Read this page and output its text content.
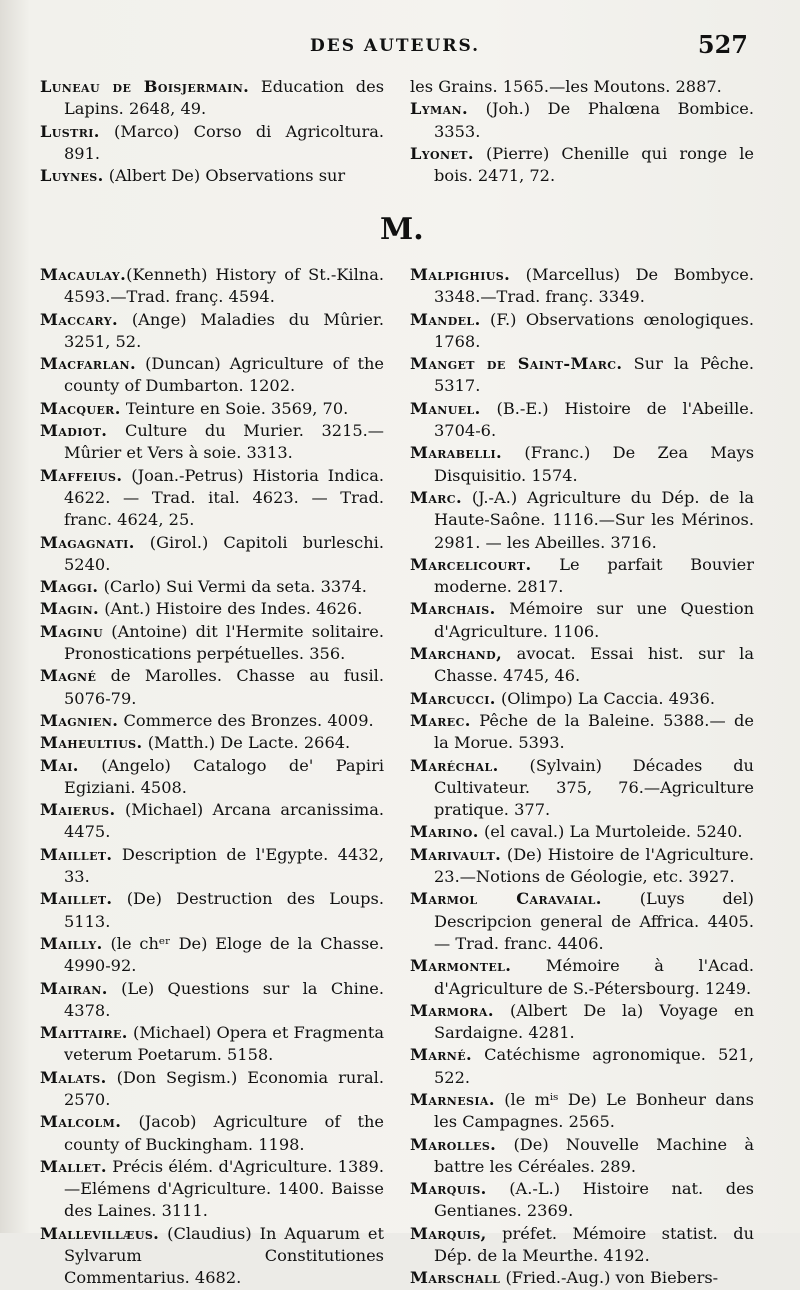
DES AUTEURS.	527

Luneau de Boisjermain. Education des Lapins. 2648, 49.

Lustri. (Marco) Corso di Agricoltura. 891.

Luynes. (Albert De) Observations sur

les Grains. 1565.—les Moutons. 2887.

Lyman. (Joh.) De Phalœna Bombice. 3353.

Lyonet. (Pierre) Chenille qui ronge le bois. 2471, 72.

M.

Macaulay.(Kenneth) History of St.-Kilna. 4593.—Trad. franç. 4594.

Maccary. (Ange) Maladies du Mûrier. 3251, 52.

Macfarlan. (Duncan) Agriculture of the county of Dumbarton. 1202.

Macquer. Teinture en Soie. 3569, 70.

Madiot. Culture du Murier. 3215.— Mûrier et Vers à soie. 3313.

Maffeius. (Joan.-Petrus) Historia Indica. 4622. — Trad. ital. 4623. — Trad. franc. 4624, 25.

Magagnati. (Girol.) Capitoli burleschi. 5240.

Maggi. (Carlo) Sui Vermi da seta. 3374.

Magin. (Ant.) Histoire des Indes. 4626.

Maginu (Antoine) dit l'Hermite solitaire. Pronostications perpétuelles. 356.

Magné de Marolles. Chasse au fusil. 5076-79.

Magnien. Commerce des Bronzes. 4009.

Maheultius. (Matth.) De Lacte. 2664.

Mai. (Angelo) Catalogo de' Papiri Egiziani. 4508.

Maierus. (Michael) Arcana arcanissima. 4475.

Maillet. Description de l'Egypte. 4432, 33.

Maillet. (De) Destruction des Loups. 5113.

Mailly. (le chᵉʳ De) Eloge de la Chasse. 4990-92.

Mairan. (Le) Questions sur la Chine. 4378.

Maittaire. (Michael) Opera et Fragmenta veterum Poetarum. 5158.

Malats. (Don Segism.) Economia rural. 2570.

Malcolm. (Jacob) Agriculture of the county of Buckingham. 1198.

Mallet. Précis élém. d'Agriculture. 1389.—Elémens d'Agriculture. 1400. Baisse des Laines. 3111.

Mallevillæus. (Claudius) In Aquarum et Sylvarum Constitutiones Commentarius. 4682.

Malpighius. (Marcellus) De Bombyce. 3348.—Trad. franç. 3349.

Mandel. (F.) Observations œnologiques. 1768.

Manget de Saint-Marc. Sur la Pêche. 5317.

Manuel. (B.-E.) Histoire de l'Abeille. 3704-6.

Marabelli. (Franc.) De Zea Mays Disquisitio. 1574.

Marc. (J.-A.) Agriculture du Dép. de la Haute-Saône. 1116.—Sur les Mérinos. 2981. — les Abeilles. 3716.

Marcelicourt. Le parfait Bouvier moderne. 2817.

Marchais. Mémoire sur une Question d'Agriculture. 1106.

Marchand, avocat. Essai hist. sur la Chasse. 4745, 46.

Marcucci. (Olimpo) La Caccia. 4936.

Marec. Pêche de la Baleine. 5388.— de la Morue. 5393.

Maréchal. (Sylvain) Décades du Cultivateur. 375, 76.—Agriculture pratique. 377.

Marino. (el caval.) La Murtoleide. 5240.

Marivault. (De) Histoire de l'Agriculture. 23.—Notions de Géologie, etc. 3927.

Marmol Caravaial. (Luys del) Descripcion general de Affrica. 4405.— Trad. franc. 4406.

Marmontel. Mémoire à l'Acad. d'Agriculture de S.-Pétersbourg. 1249.

Marmora. (Albert De la) Voyage en Sardaigne. 4281.

Marné. Catéchisme agronomique. 521, 522.

Marnesia. (le mⁱˢ De) Le Bonheur dans les Campagnes. 2565.

Marolles. (De) Nouvelle Machine à battre les Céréales. 289.

Marquis. (A.-L.) Histoire nat. des Gentianes. 2369.

Marquis, préfet. Mémoire statist. du Dép. de la Meurthe. 4192.

Marschall (Fried.-Aug.) von Biebers-
